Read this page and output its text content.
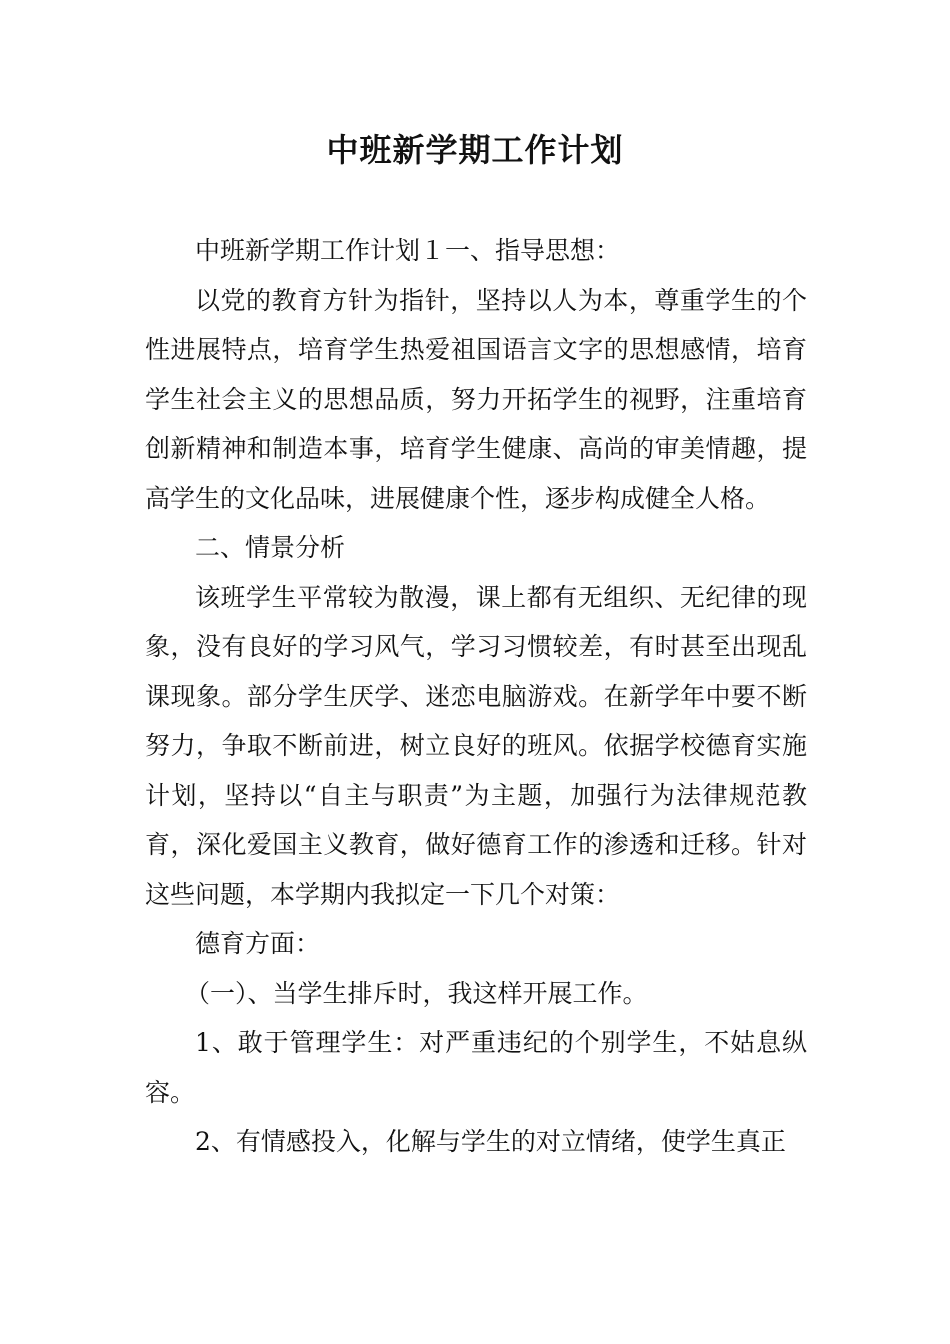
中班新学期工作计划

中班新学期工作计划１一、指导思想：

以党的教育方针为指针，坚持以人为本，尊重学生的个性进展特点，培育学生热爱祖国语言文字的思想感情，培育学生社会主义的思想品质，努力开拓学生的视野，注重培育创新精神和制造本事，培育学生健康、高尚的审美情趣，提高学生的文化品味，进展健康个性，逐步构成健全人格。

二、情景分析

该班学生平常较为散漫，课上都有无组织、无纪律的现象，没有良好的学习风气，学习习惯较差，有时甚至出现乱课现象。部分学生厌学、迷恋电脑游戏。在新学年中要不断努力，争取不断前进，树立良好的班风。依据学校德育实施计划，坚持以“自主与职责”为主题，加强行为法律规范教育，深化爱国主义教育，做好德育工作的渗透和迁移。针对这些问题，本学期内我拟定一下几个对策：

德育方面：

（一）、当学生排斥时，我这样开展工作。

1、敢于管理学生：对严重违纪的个别学生，不姑息纵容。

2、有情感投入，化解与学生的对立情绪，使学生真正
